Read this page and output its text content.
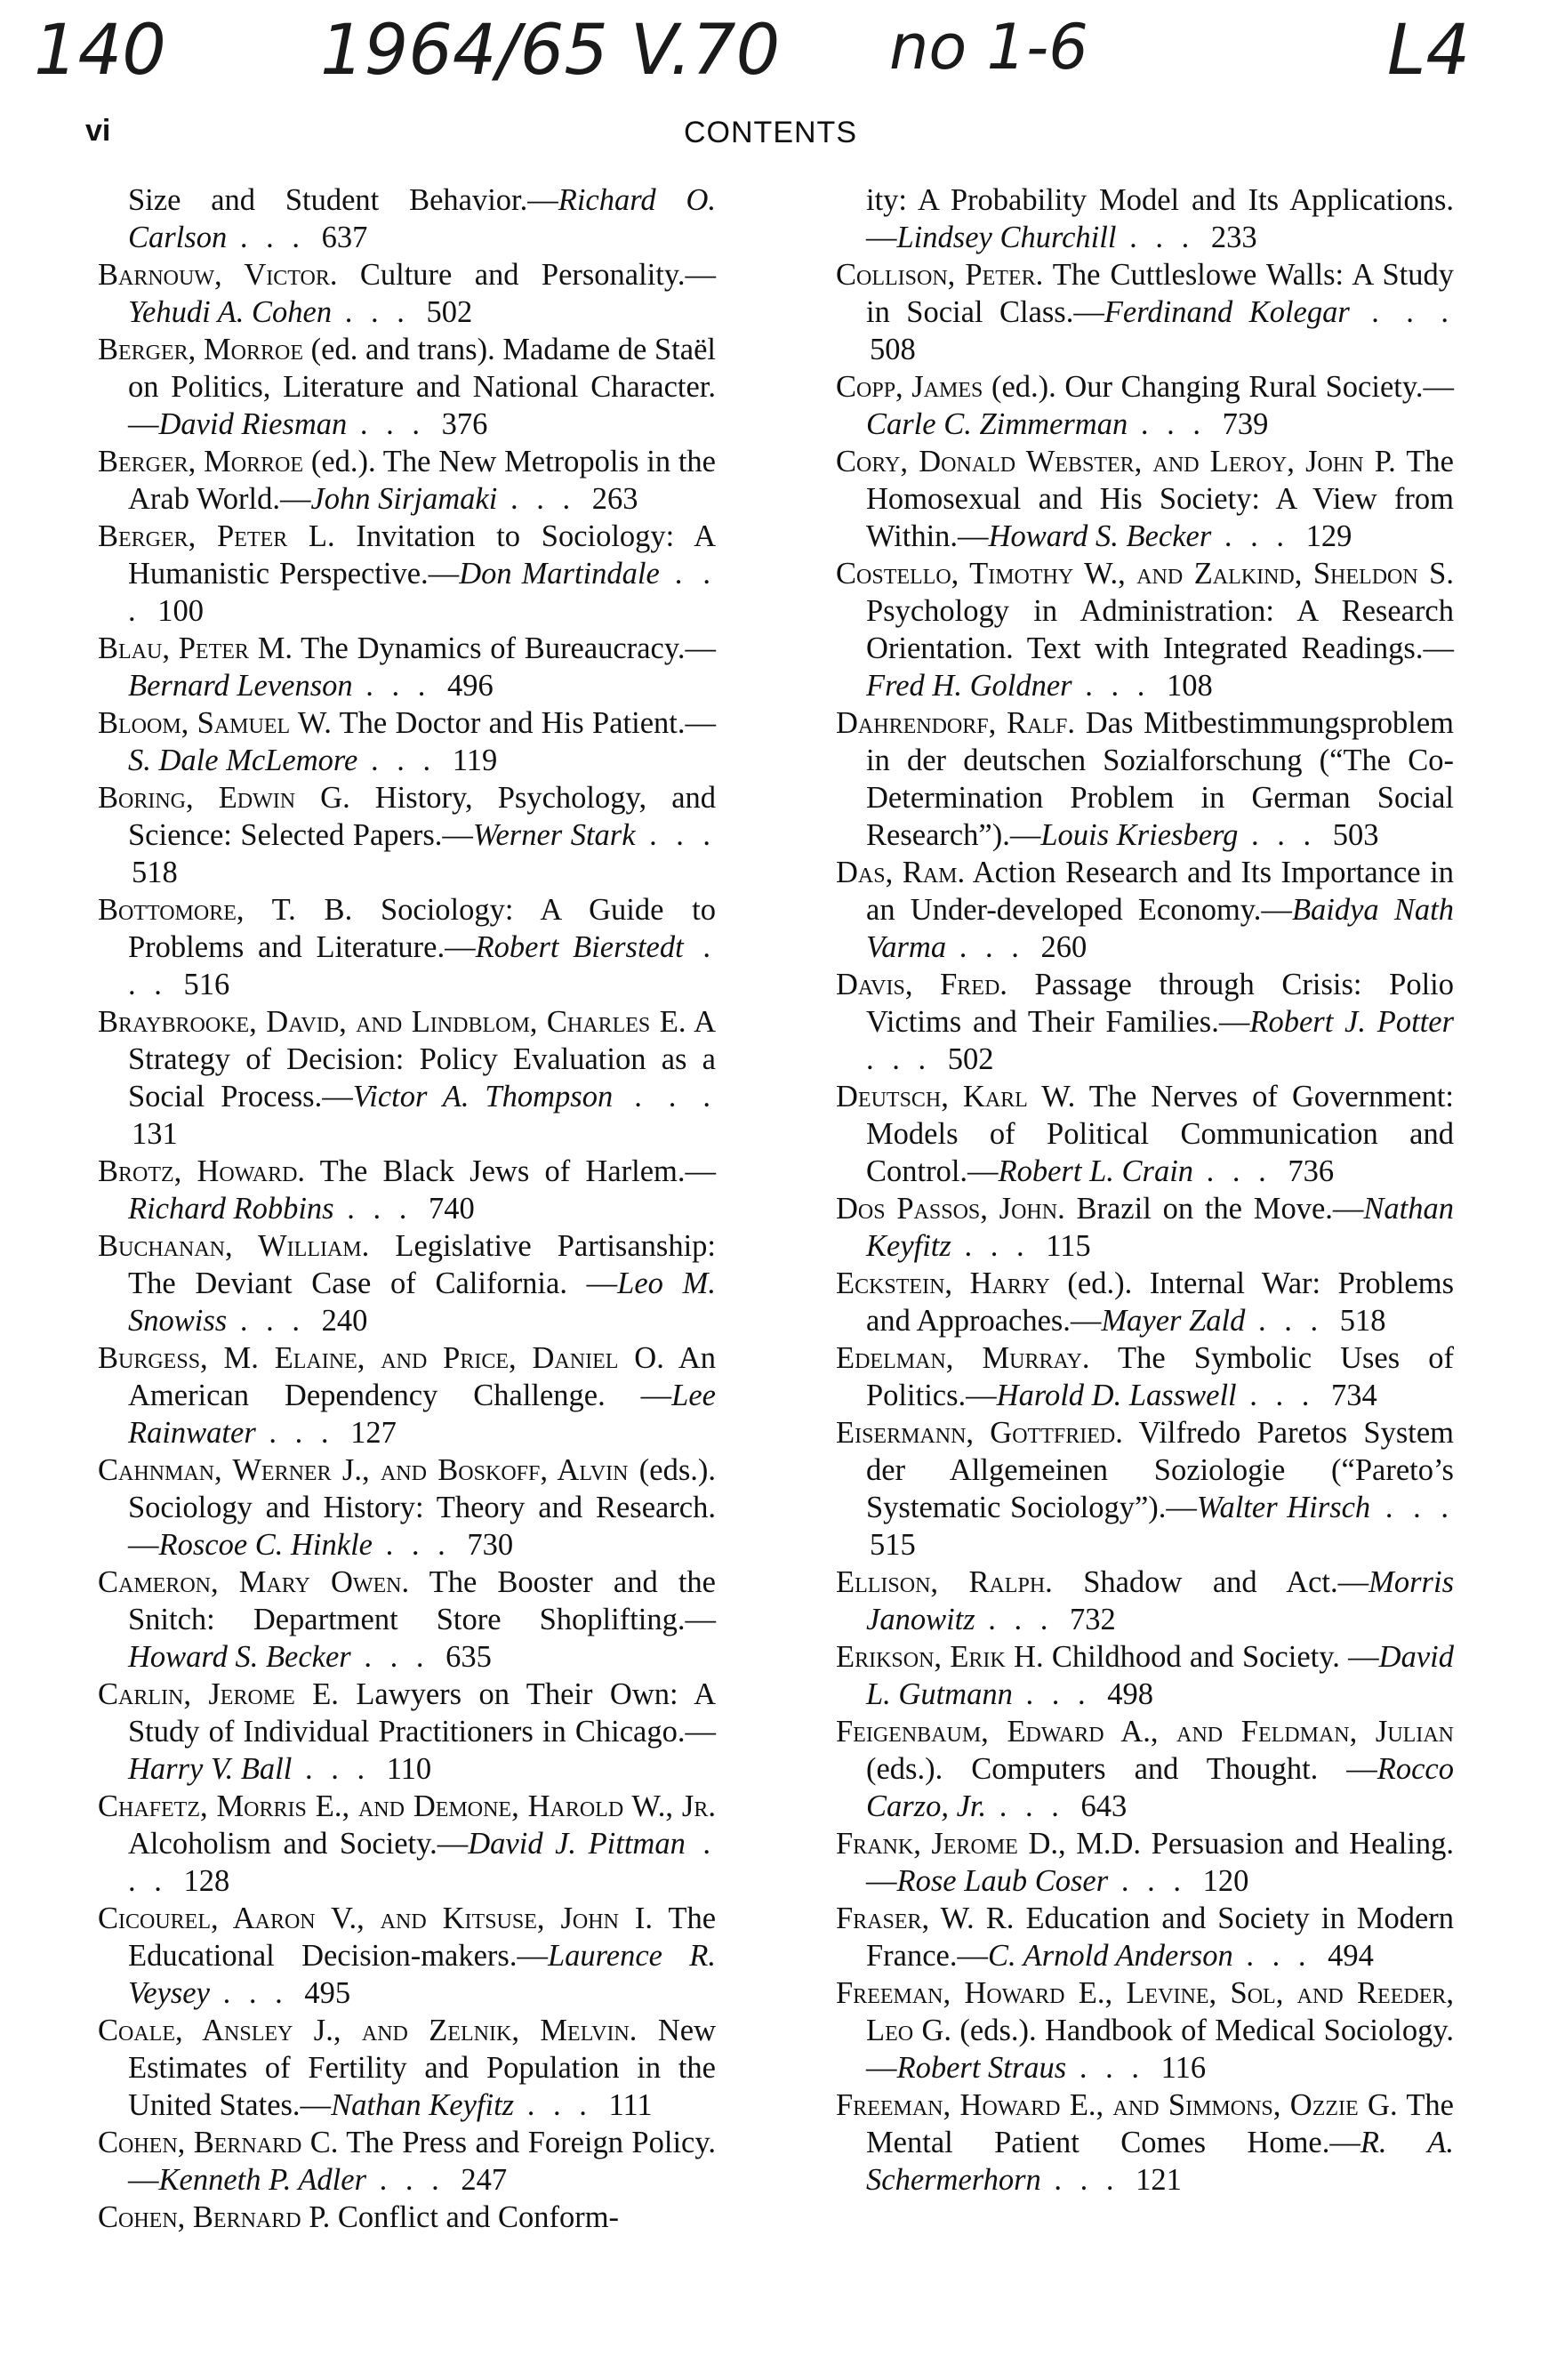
140 1964/65 V.70 no 1-6	L4
vi	CONTENTS
Size and Student Behavior.—Richard O. Carlson . . . 637
Barnouw, Victor. Culture and Personality.—Yehudi A. Cohen . . . 502
Berger, Morroe (ed. and trans). Madame de Staël on Politics, Literature and National Character.—David Riesman . . . 376
Berger, Morroe (ed.). The New Metropolis in the Arab World.—John Sirjamaki . . . 263
Berger, Peter L. Invitation to Sociology: A Humanistic Perspective.—Don Martindale . . . 100
Blau, Peter M. The Dynamics of Bureaucracy.—Bernard Levenson . . . 496
Bloom, Samuel W. The Doctor and His Patient.—S. Dale McLemore . . . 119
Boring, Edwin G. History, Psychology, and Science: Selected Papers.—Werner Stark . . . 518
Bottomore, T. B. Sociology: A Guide to Problems and Literature.—Robert Bierstedt . . . 516
Braybrooke, David, and Lindblom, Charles E. A Strategy of Decision: Policy Evaluation as a Social Process.—Victor A. Thompson . . . 131
Brotz, Howard. The Black Jews of Harlem.—Richard Robbins . . . 740
Buchanan, William. Legislative Partisanship: The Deviant Case of California. —Leo M. Snowiss . . . 240
Burgess, M. Elaine, and Price, Daniel O. An American Dependency Challenge. —Lee Rainwater . . . 127
Cahnman, Werner J., and Boskoff, Alvin (eds.). Sociology and History: Theory and Research.—Roscoe C. Hinkle . . . 730
Cameron, Mary Owen. The Booster and the Snitch: Department Store Shoplifting.—Howard S. Becker . . . 635
Carlin, Jerome E. Lawyers on Their Own: A Study of Individual Practitioners in Chicago.—Harry V. Ball . . . 110
Chafetz, Morris E., and Demone, Harold W., Jr. Alcoholism and Society.—David J. Pittman . . . 128
Cicourel, Aaron V., and Kitsuse, John I. The Educational Decision-makers.—Laurence R. Veysey . . . 495
Coale, Ansley J., and Zelnik, Melvin. New Estimates of Fertility and Population in the United States.—Nathan Keyfitz . . . 111
Cohen, Bernard C. The Press and Foreign Policy.—Kenneth P. Adler . . . 247
Cohen, Bernard P. Conflict and Conform-
ity: A Probability Model and Its Applications.—Lindsey Churchill . . . 233
Collison, Peter. The Cuttleslowe Walls: A Study in Social Class.—Ferdinand Kolegar . . . 508
Copp, James (ed.). Our Changing Rural Society.—Carle C. Zimmerman . . . 739
Cory, Donald Webster, and Leroy, John P. The Homosexual and His Society: A View from Within.—Howard S. Becker . . . 129
Costello, Timothy W., and Zalkind, Sheldon S. Psychology in Administration: A Research Orientation. Text with Integrated Readings.—Fred H. Goldner . . . 108
Dahrendorf, Ralf. Das Mitbestimmungsproblem in der deutschen Sozialforschung (“The Co-Determination Problem in German Social Research”).—Louis Kriesberg . . . 503
Das, Ram. Action Research and Its Importance in an Under-developed Economy.—Baidya Nath Varma . . . 260
Davis, Fred. Passage through Crisis: Polio Victims and Their Families.—Robert J. Potter . . . 502
Deutsch, Karl W. The Nerves of Government: Models of Political Communication and Control.—Robert L. Crain . . . 736
Dos Passos, John. Brazil on the Move.—Nathan Keyfitz . . . 115
Eckstein, Harry (ed.). Internal War: Problems and Approaches.—Mayer Zald . . . 518
Edelman, Murray. The Symbolic Uses of Politics.—Harold D. Lasswell . . . 734
Eisermann, Gottfried. Vilfredo Paretos System der Allgemeinen Soziologie (“Pareto’s Systematic Sociology”).—Walter Hirsch . . . 515
Ellison, Ralph. Shadow and Act.—Morris Janowitz . . . 732
Erikson, Erik H. Childhood and Society. —David L. Gutmann . . . 498
Feigenbaum, Edward A., and Feldman, Julian (eds.). Computers and Thought. —Rocco Carzo, Jr. . . . 643
Frank, Jerome D., M.D. Persuasion and Healing.—Rose Laub Coser . . . 120
Fraser, W. R. Education and Society in Modern France.—C. Arnold Anderson . . . 494
Freeman, Howard E., Levine, Sol, and Reeder, Leo G. (eds.). Handbook of Medical Sociology.—Robert Straus . . . 116
Freeman, Howard E., and Simmons, Ozzie G. The Mental Patient Comes Home.—R. A. Schermerhorn . . . 121
